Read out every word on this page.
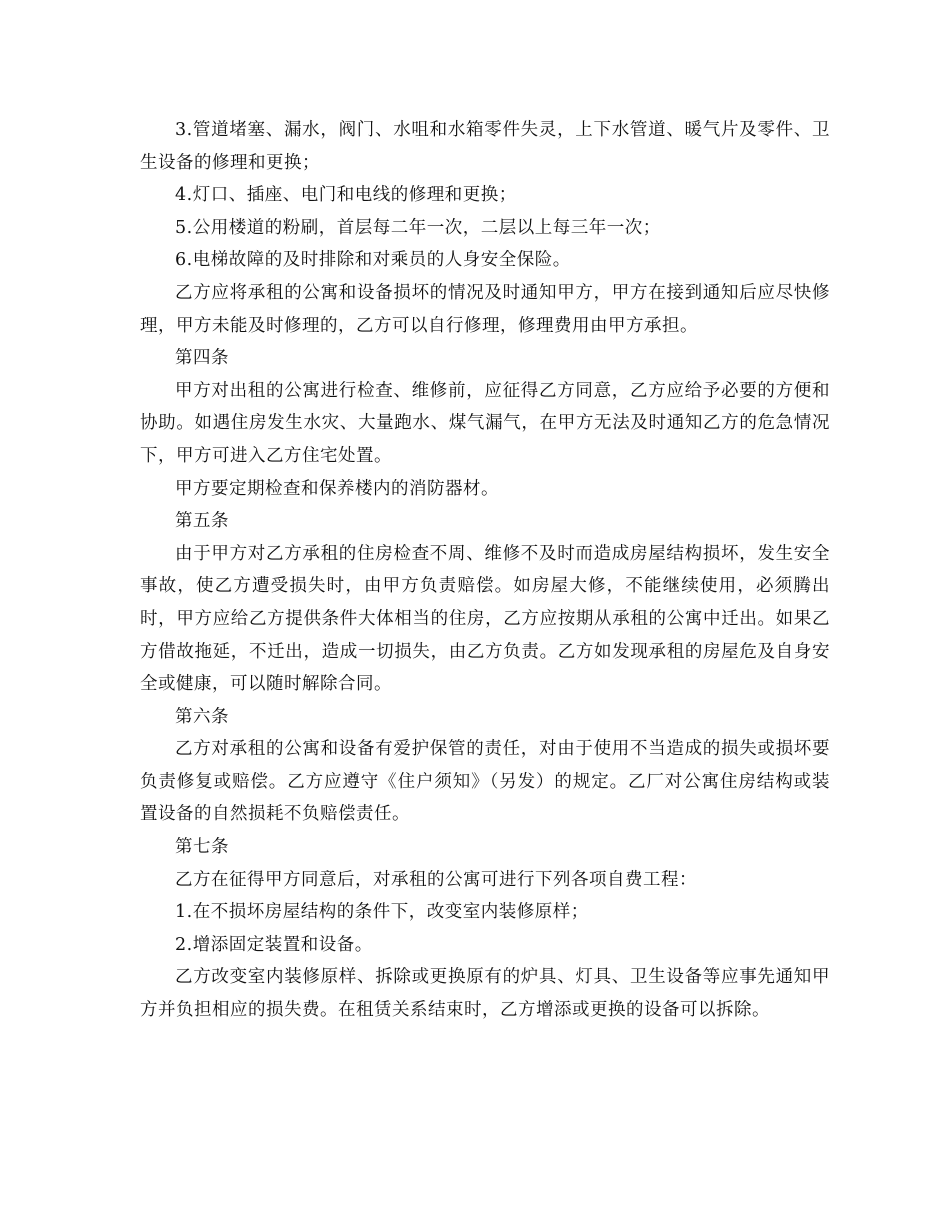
3.管道堵塞、漏水，阀门、水咀和水箱零件失灵，上下水管道、暖气片及零件、卫生设备的修理和更换；

4.灯口、插座、电门和电线的修理和更换；

5.公用楼道的粉刷，首层每二年一次，二层以上每三年一次；

6.电梯故障的及时排除和对乘员的人身安全保险。

乙方应将承租的公寓和设备损坏的情况及时通知甲方，甲方在接到通知后应尽快修理，甲方未能及时修理的，乙方可以自行修理，修理费用由甲方承担。

第四条

甲方对出租的公寓进行检查、维修前，应征得乙方同意，乙方应给予必要的方便和协助。如遇住房发生水灾、大量跑水、煤气漏气，在甲方无法及时通知乙方的危急情况下，甲方可进入乙方住宅处置。

甲方要定期检查和保养楼内的消防器材。

第五条

由于甲方对乙方承租的住房检查不周、维修不及时而造成房屋结构损坏，发生安全事故，使乙方遭受损失时，由甲方负责赔偿。如房屋大修，不能继续使用，必须腾出时，甲方应给乙方提供条件大体相当的住房，乙方应按期从承租的公寓中迁出。如果乙方借故拖延，不迁出，造成一切损失，由乙方负责。乙方如发现承租的房屋危及自身安全或健康，可以随时解除合同。

第六条

乙方对承租的公寓和设备有爱护保管的责任，对由于使用不当造成的损失或损坏要负责修复或赔偿。乙方应遵守《住户须知》（另发）的规定。乙厂对公寓住房结构或装置设备的自然损耗不负赔偿责任。

第七条

乙方在征得甲方同意后，对承租的公寓可进行下列各项自费工程：

1.在不损坏房屋结构的条件下，改变室内装修原样；

2.增添固定装置和设备。

乙方改变室内装修原样、拆除或更换原有的炉具、灯具、卫生设备等应事先通知甲方并负担相应的损失费。在租赁关系结束时，乙方增添或更换的设备可以拆除。
